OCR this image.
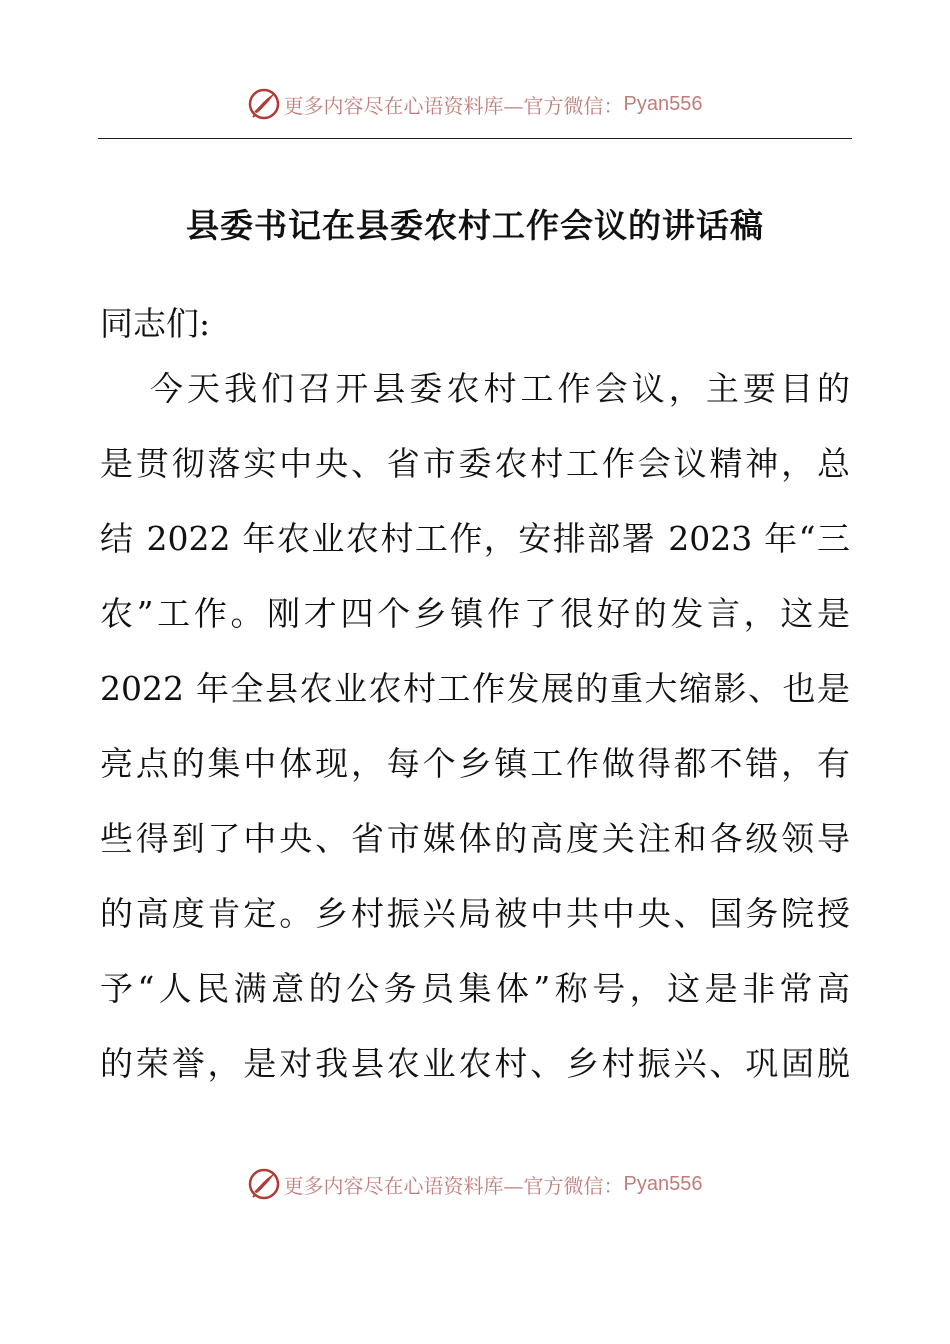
更多内容尽在心语资料库—官方微信： Pyan556
县委书记在县委农村工作会议的讲话稿
同志们:
今天我们召开县委农村工作会议，主要目的
是贯彻落实中央、省市委农村工作会议精神，总
结 2022 年农业农村工作，安排部署 2023 年“三
农”工作。刚才四个乡镇作了很好的发言，这是
2022 年全县农业农村工作发展的重大缩影、也是
亮点的集中体现，每个乡镇工作做得都不错，有
些得到了中央、省市媒体的高度关注和各级领导
的高度肯定。乡村振兴局被中共中央、国务院授
予“人民满意的公务员集体”称号，这是非常高
的荣誉，是对我县农业农村、乡村振兴、巩固脱
更多内容尽在心语资料库—官方微信： Pyan556
